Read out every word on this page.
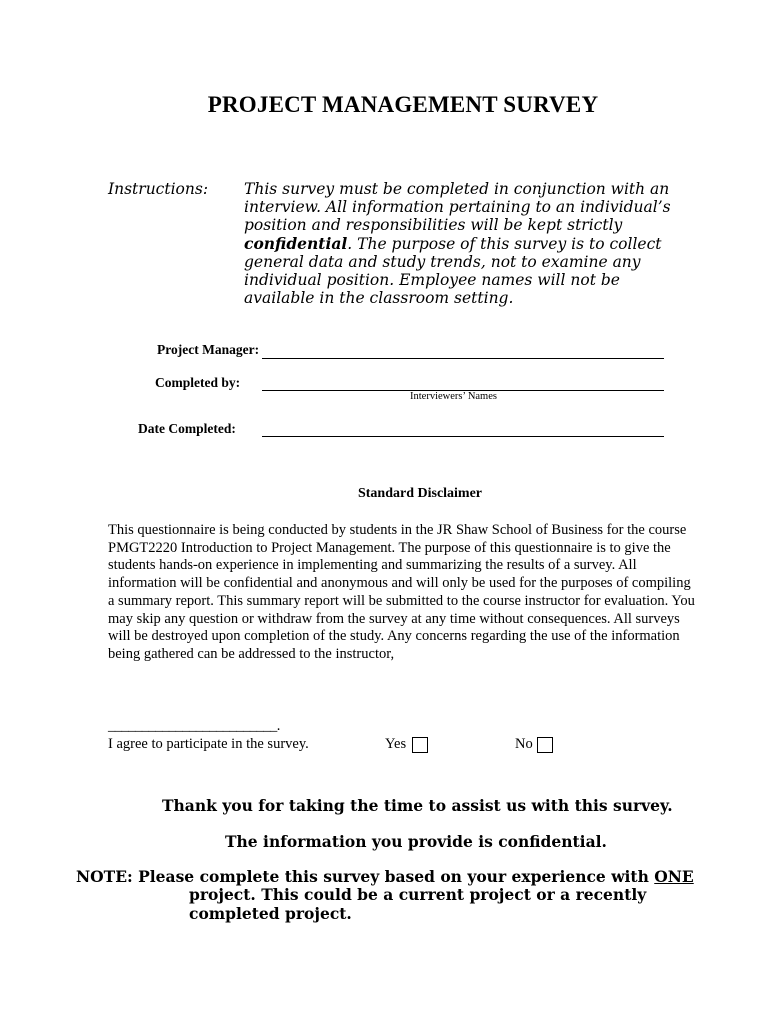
PROJECT MANAGEMENT SURVEY
Instructions: This survey must be completed in conjunction with an interview. All information pertaining to an individual’s position and responsibilities will be kept strictly confidential. The purpose of this survey is to collect general data and study trends, not to examine any individual position. Employee names will not be available in the classroom setting.
Project Manager:
Completed by:
Interviewers’ Names
Date Completed:
Standard Disclaimer
This questionnaire is being conducted by students in the JR Shaw School of Business for the course PMGT2220 Introduction to Project Management. The purpose of this questionnaire is to give the students hands-on experience in implementing and summarizing the results of a survey. All information will be confidential and anonymous and will only be used for the purposes of compiling a summary report. This summary report will be submitted to the course instructor for evaluation. You may skip any question or withdraw from the survey at any time without consequences. All surveys will be destroyed upon completion of the study. Any concerns regarding the use of the information being gathered can be addressed to the instructor,
_________________________.
I agree to participate in the survey.	Yes	No
Thank you for taking the time to assist us with this survey.
The information you provide is confidential.
NOTE: Please complete this survey based on your experience with ONE
project. This could be a current project or a recently completed project.
